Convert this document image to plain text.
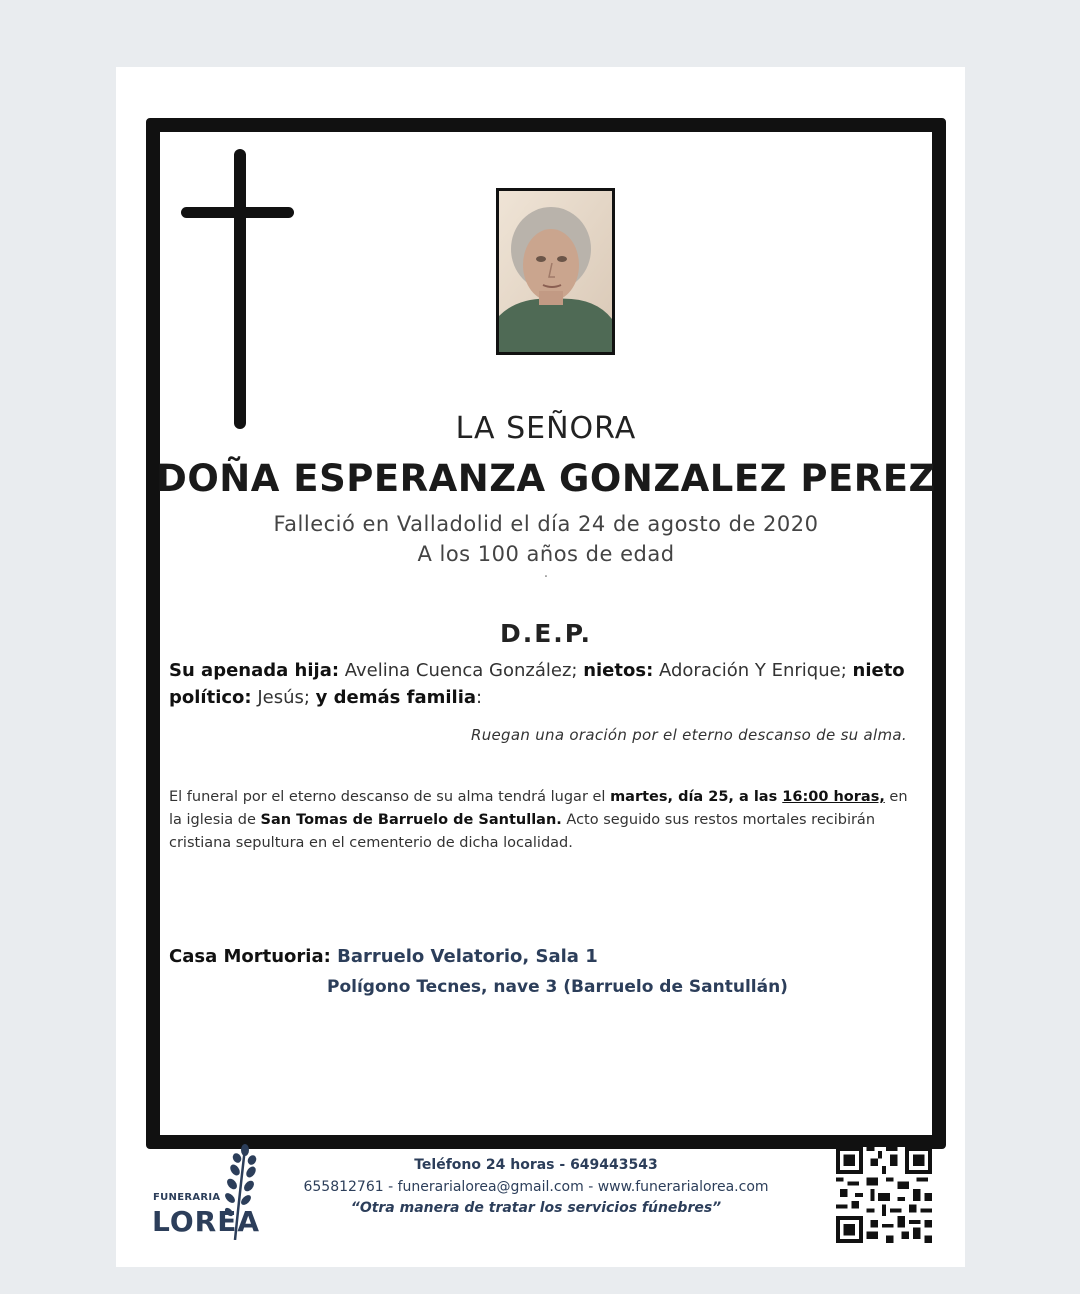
LA SEÑORA
DOÑA ESPERANZA GONZALEZ PEREZ
Falleció en Valladolid el día 24 de agosto de 2020
A los 100 años de edad
.
D.E.P.
Su apenada hija: Avelina Cuenca González; nietos: Adoración Y Enrique; nieto político: Jesús; y demás familia:
Ruegan una oración por el eterno descanso de su alma.
El funeral por el eterno descanso de su alma tendrá lugar el martes, día 25, a las 16:00 horas, en la iglesia de San Tomas de Barruelo de Santullan. Acto seguido sus restos mortales recibirán cristiana sepultura en el cementerio de dicha localidad.
Casa Mortuoria: Barruelo Velatorio, Sala 1
Polígono Tecnes, nave 3 (Barruelo de Santullán)
FUNERARIA
LOREA
Teléfono 24 horas - 649443543
655812761 - funerarialorea@gmail.com - www.funerarialorea.com
“Otra manera de tratar los servicios fúnebres”
